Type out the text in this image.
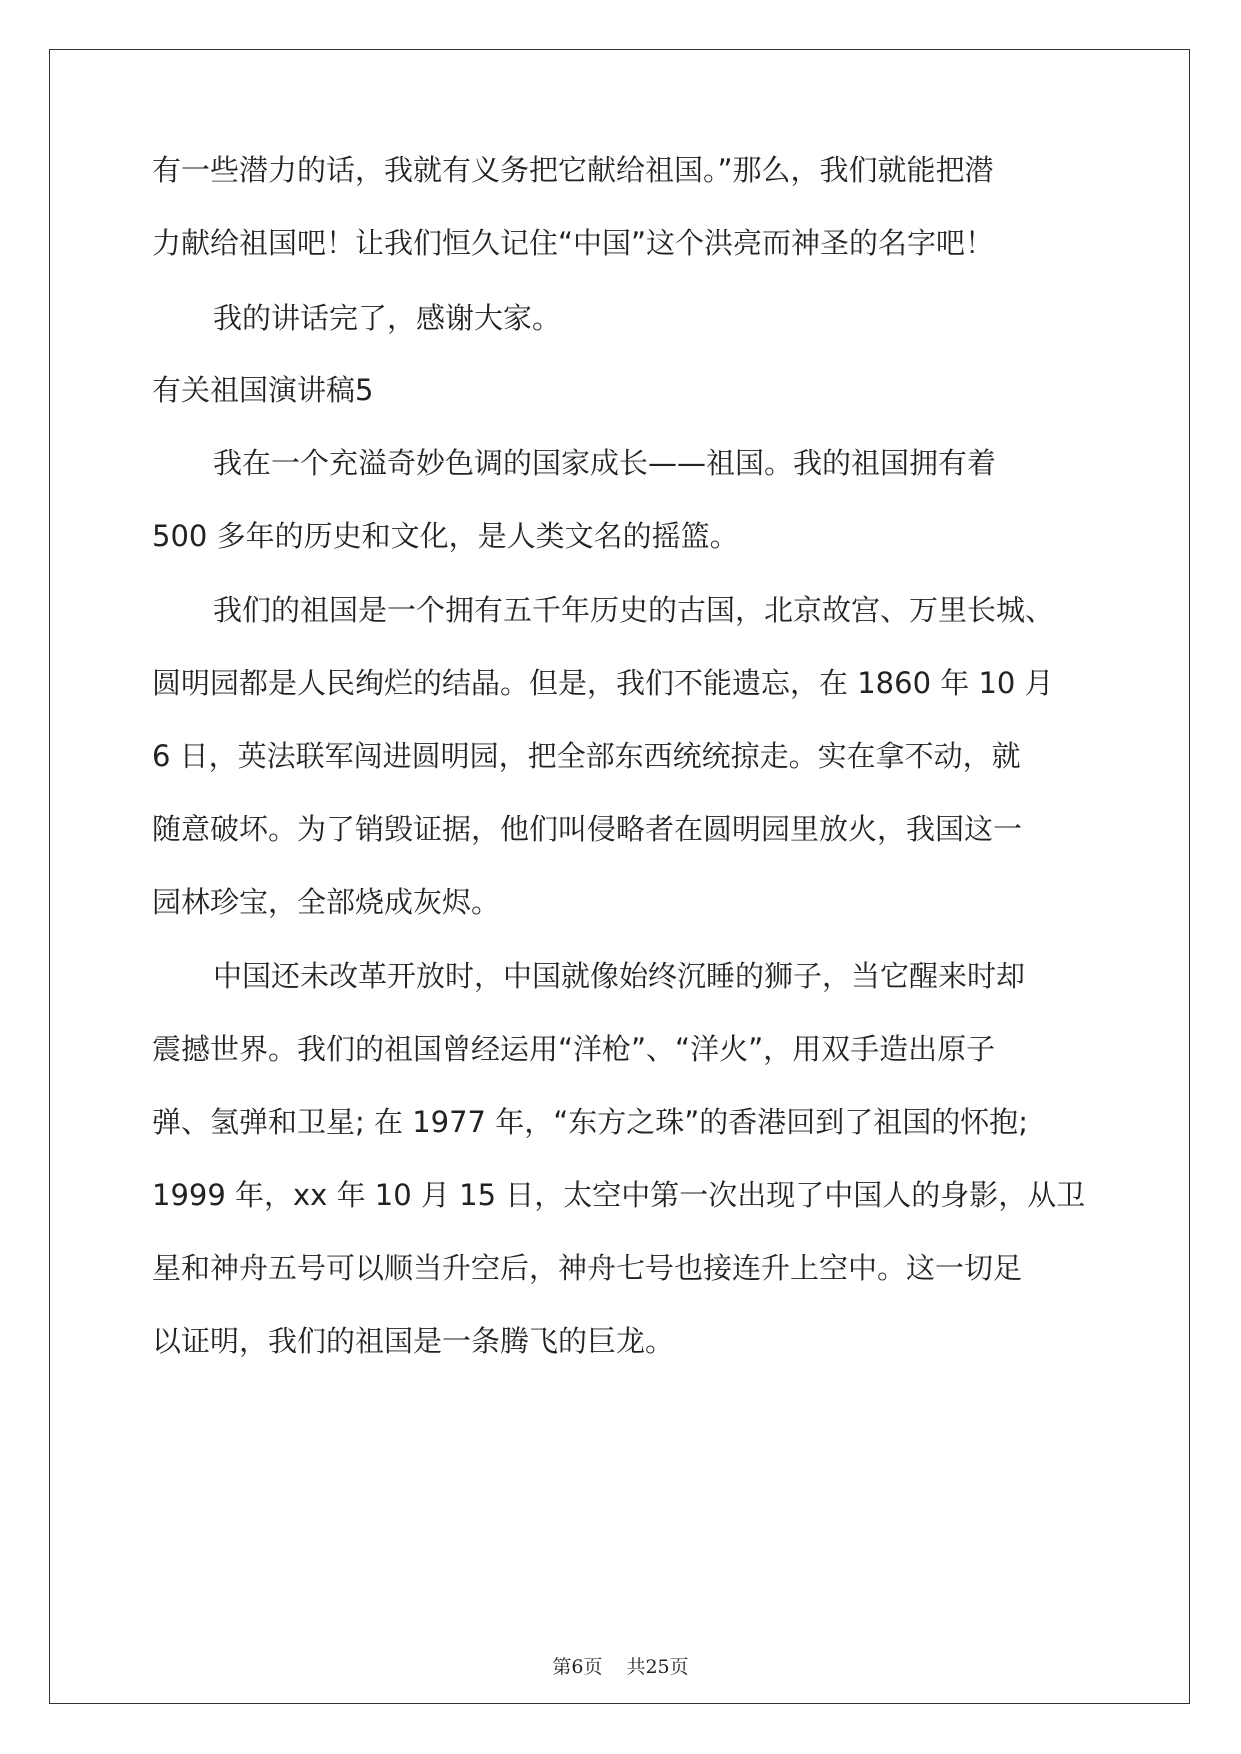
有一些潜力的话，我就有义务把它献给祖国。”那么，我们就能把潜

力献给祖国吧！让我们恒久记住“中国”这个洪亮而神圣的名字吧！

我的讲话完了，感谢大家。

有关祖国演讲稿5

我在一个充溢奇妙色调的国家成长——祖国。我的祖国拥有着

500 多年的历史和文化，是人类文名的摇篮。

我们的祖国是一个拥有五千年历史的古国，北京故宫、万里长城、

圆明园都是人民绚烂的结晶。但是，我们不能遗忘，在 1860 年 10 月

6 日，英法联军闯进圆明园，把全部东西统统掠走。实在拿不动，就

随意破坏。为了销毁证据，他们叫侵略者在圆明园里放火，我国这一

园林珍宝，全部烧成灰烬。

中国还未改革开放时，中国就像始终沉睡的狮子，当它醒来时却

震撼世界。我们的祖国曾经运用“洋枪”、“洋火”，用双手造出原子

弹、氢弹和卫星; 在 1977 年，“东方之珠”的香港回到了祖国的怀抱;

1999 年，xx 年 10 月 15 日，太空中第一次出现了中国人的身影，从卫

星和神舟五号可以顺当升空后，神舟七号也接连升上空中。这一切足

以证明，我们的祖国是一条腾飞的巨龙。

第6页 共25页
